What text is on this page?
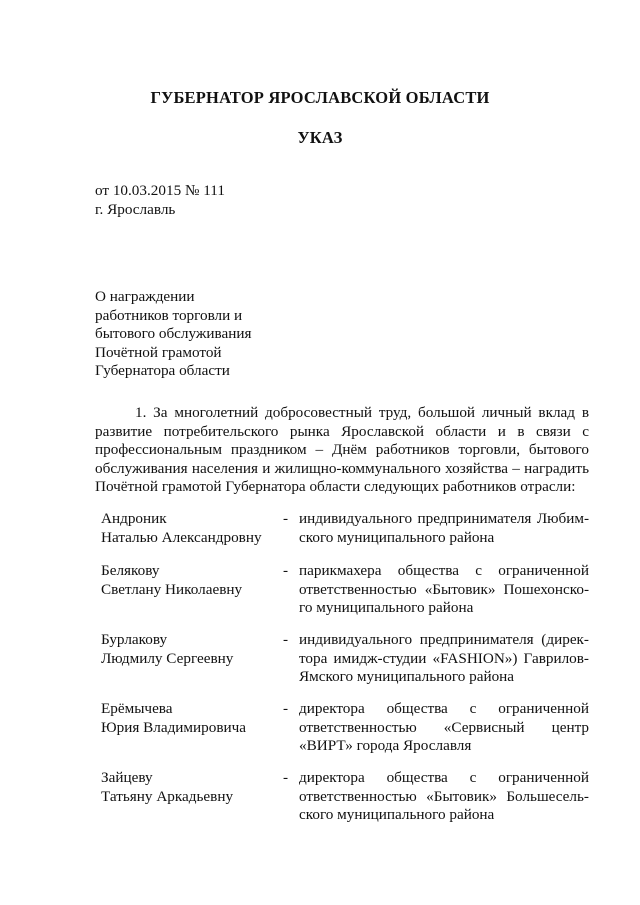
ГУБЕРНАТОР ЯРОСЛАВСКОЙ ОБЛАСТИ
УКАЗ
от 10.03.2015 № 111
г. Ярославль
О награждении
работников торговли и
бытового обслуживания
Почётной грамотой
Губернатора области
1. За многолетний добросовестный труд, большой личный вклад в развитие потребительского рынка Ярославской области и в связи с профессиональным праздником – Днём работников торговли, бытового обслуживания населения и жилищно-коммунального хозяйства – наградить Почётной грамотой Губернатора области следующих работников отрасли:
Андроник
Наталью Александровну
- индивидуального предпринимателя Любим-
ского муниципального района
Белякову
Светлану Николаевну
- парикмахера общества с ограниченной
ответственностью «Бытовик» Пошехонско-
го муниципального района
Бурлакову
Людмилу Сергеевну
- индивидуального предпринимателя (дирек-
тора имидж-студии «FASHION») Гаврилов-
Ямского муниципального района
Ерёмычева
Юрия Владимировича
- директора общества с ограниченной
ответственностью «Сервисный центр
«ВИРТ» города Ярославля
Зайцеву
Татьяну Аркадьевну
- директора общества с ограниченной
ответственностью «Бытовик» Большесель-
ского муниципального района
